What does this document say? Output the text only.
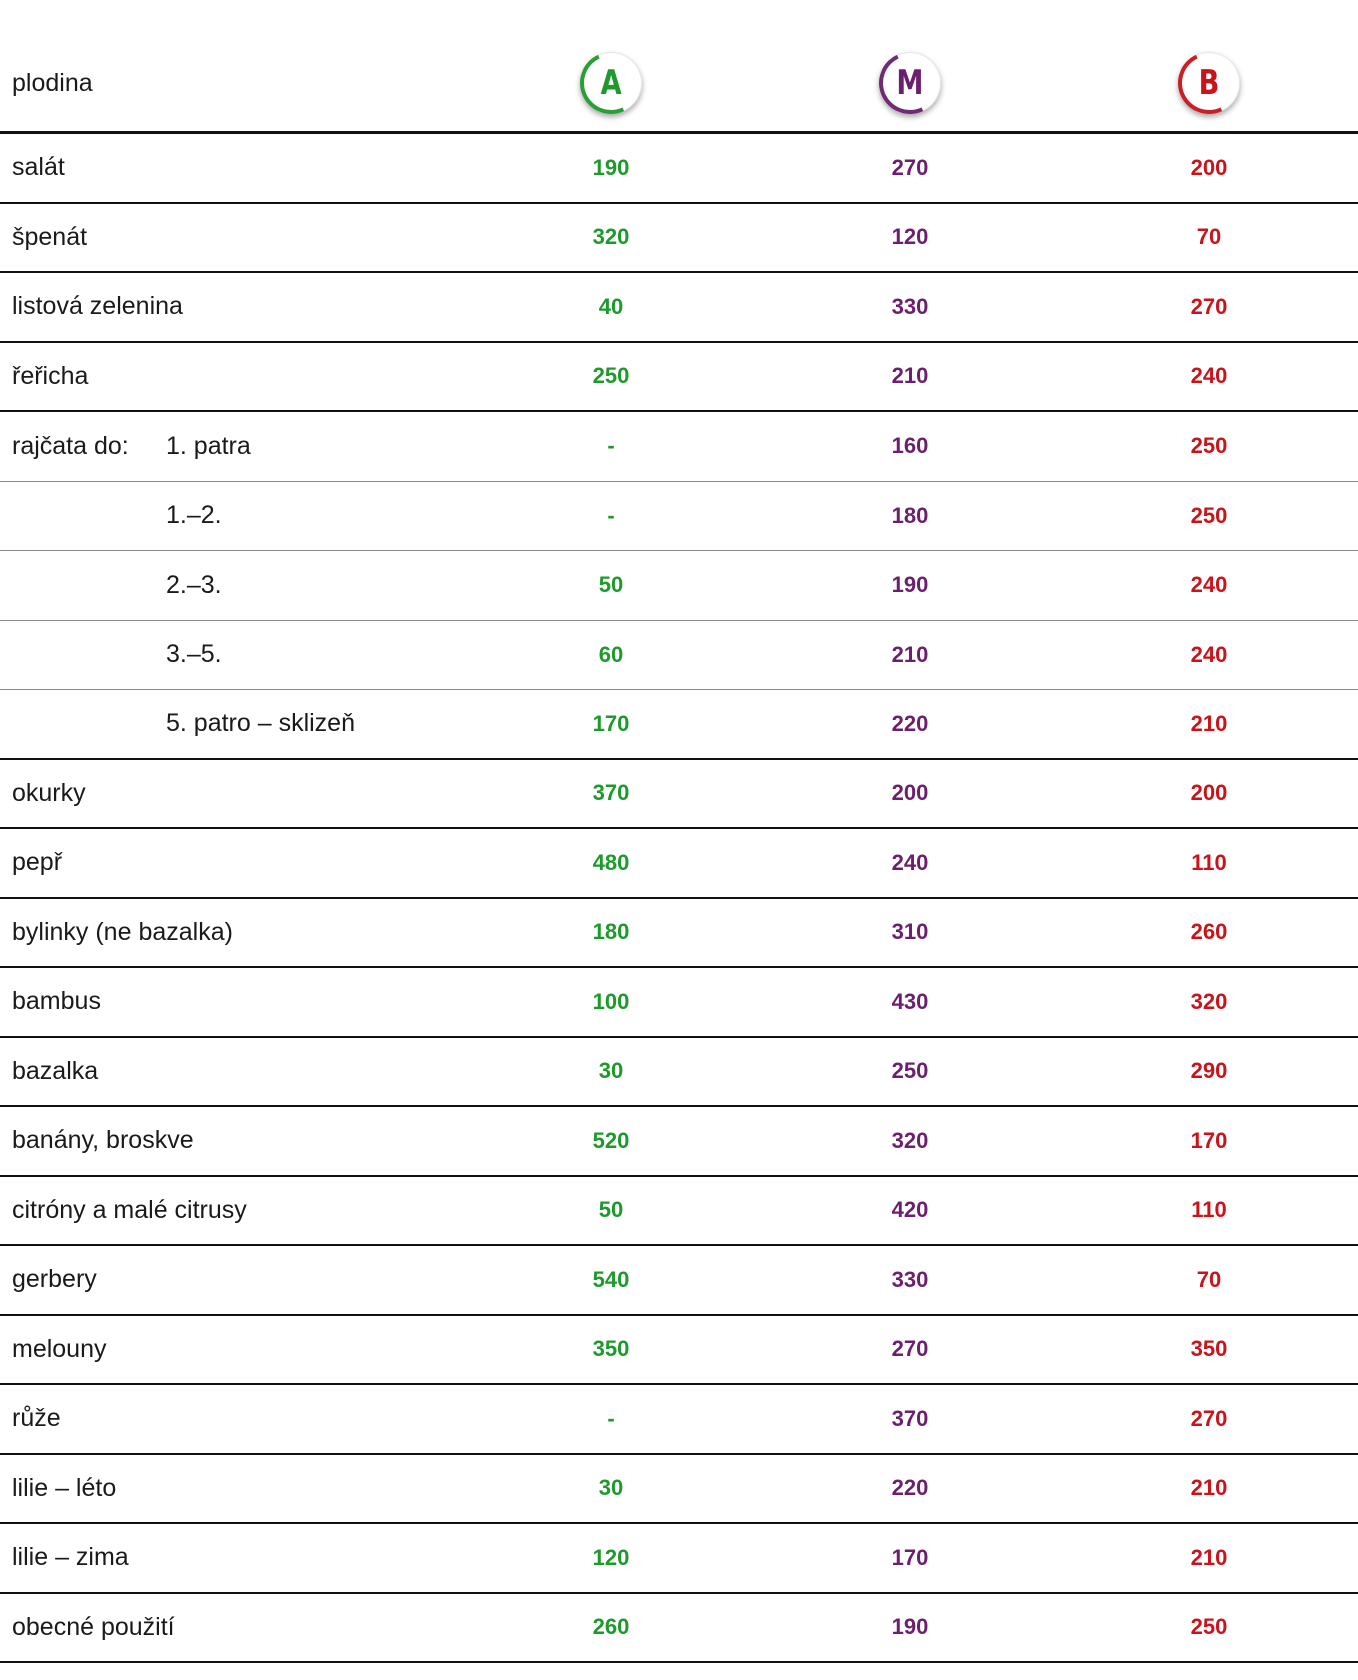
plodina	A	M	B
salát	190	270	200
špenát	320	120	70
listová zelenina	40	330	270
řeřicha	250	210	240
rajčata do: 1. patra	-	160	250
1.–2.	-	180	250
2.–3.	50	190	240
3.–5.	60	210	240
5. patro – sklizeň	170	220	210
okurky	370	200	200
pepř	480	240	110
bylinky (ne bazalka)	180	310	260
bambus	100	430	320
bazalka	30	250	290
banány, broskve	520	320	170
citróny a malé citrusy	50	420	110
gerbery	540	330	70
melouny	350	270	350
růže	-	370	270
lilie – léto	30	220	210
lilie – zima	120	170	210
obecné použití	260	190	250
